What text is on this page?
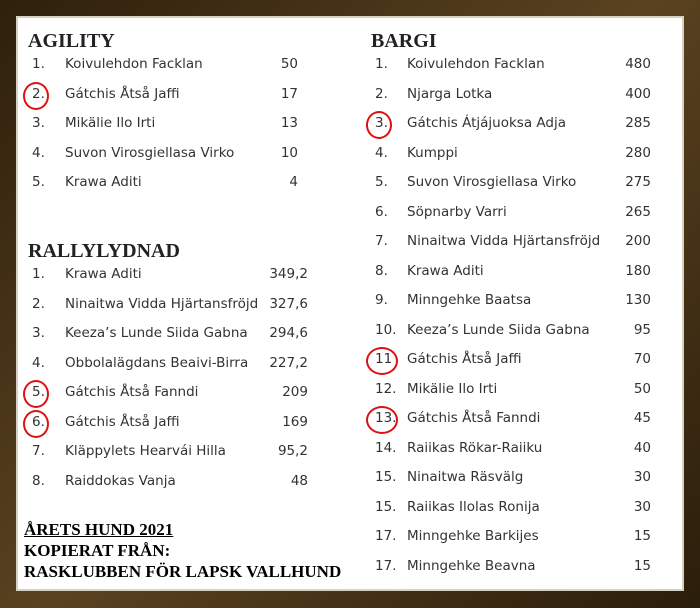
AGILITY
1. Koivulehdon Facklan	50
2. Gátchis Åtså Jaffi	17
3. Mikälie Ilo Irti	13
4. Suvon Virosgiellasa Virko	10
5. Krawa Aditi	4
RALLYLYDNAD
1. Krawa Aditi	349,2
2. Ninaitwa Vidda Hjärtansfröjd 327,6
3. Keeza’s Lunde Siida Gabna	294,6
4. Obbolalägdans Beaivi-Birra	227,2
5. Gátchis Åtså Fanndi	209
6. Gátchis Åtså Jaffi	169
7. Kläppylets Hearvái Hilla	95,2
8. Raiddokas Vanja	48
BARGI
1. Koivulehdon Facklan	480
2. Njarga Lotka	400
3. Gátchis Átjájuoksa Adja	285
4. Kumppi	280
5. Suvon Virosgiellasa Virko	275
6. Söpnarby Varri	265
7. Ninaitwa Vidda Hjärtansfröjd	200
8. Krawa Aditi	180
9. Minngehke Baatsa	130
10. Keeza’s Lunde Siida Gabna	95
11 Gátchis Åtså Jaffi	70
12. Mikälie Ilo Irti	50
13. Gátchis Åtså Fanndi	45
14. Raiikas Rökar-Raiiku	40
15. Ninaitwa Räsvälg	30
15. Raiikas Ilolas Ronija	30
17. Minngehke Barkijes	15
17. Minngehke Beavna	15
ÅRETS HUND 2021
KOPIERAT FRÅN:
RASKLUBBEN FÖR LAPSK VALLHUND
